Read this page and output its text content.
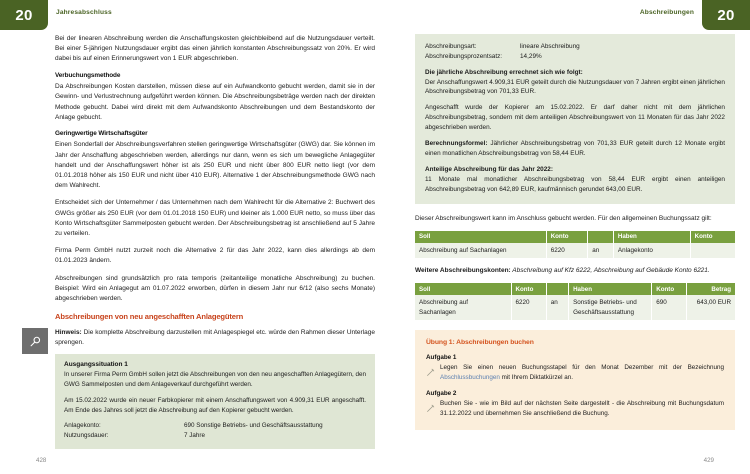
20	Jahresabschluss	20
Abschreibungen

Bei der linearen Abschreibung werden die Anschaffungskosten gleichbleibend auf die Nutzungsdauer verteilt. Bei einer 5-jährigen Nutzungsdauer ergibt das einen jährlich konstanten Abschreibungssatz von 20%. Er wird dabei bis auf einen Erinnerungswert von 1 EUR abgeschrieben.

Verbuchungsmethode

Da Abschreibungen Kosten darstellen, müssen diese auf ein Aufwandkonto gebucht werden, damit sie in der Gewinn- und Verlustrechnung aufgeführt werden können. Die Abschreibungsbeträge werden nach der direkten Methode gebucht. Dabei wird direkt mit dem Aufwandskonto Abschreibungen und dem Bestandskonto der Anlage gebucht.

Geringwertige Wirtschaftsgüter

Einen Sonderfall der Abschreibungsverfahren stellen geringwertige Wirtschaftsgüter (GWG) dar. Sie können im Jahr der Anschaffung abgeschrieben werden, allerdings nur dann, wenn es sich um bewegliche Anlagegüter handelt und der Anschaffungswert höher ist als 250 EUR und nicht über 800 EUR netto liegt (vor dem 01.01.2018 höher als 150 EUR und nicht über 410 EUR). Alternative 1 der Abschreibungsmethode GWG nach dem Wahlrecht.

Entscheidet sich der Unternehmer / das Unternehmen nach dem Wahlrecht für die Alternative 2: Buchwert des GWGs größer als 250 EUR (vor dem 01.01.2018 150 EUR) und kleiner als 1.000 EUR netto, so muss über das Konto Wirtschaftsgüter Sammelposten gebucht werden. Der Abschreibungsbetrag ist anschließend auf 5 Jahre zu verteilen.

Firma Perm GmbH nutzt zurzeit noch die Alternative 2 für das Jahr 2022, kann dies allerdings ab dem 01.01.2023 ändern.

Abschreibungen sind grundsätzlich pro rata temporis (zeitanteilige monatliche Abschreibung) zu buchen. Beispiel: Wird ein Anlagegut am 01.07.2022 erworben, dürfen in diesem Jahr nur 6/12 (also sechs Monate) abgeschrieben werden.

Abschreibungen von neu angeschafften Anlagegütern

Hinweis: Die komplette Abschreibung darzustellen mit Anlagespiegel etc. würde den Rahmen dieser Unterlage sprengen.

Ausgangssituation 1

In unserer Firma Perm GmbH sollen jetzt die Abschreibungen von den neu angeschafften Anlagegütern, den GWG Sammelposten und dem Anlageverkauf durchgeführt werden.

Am 15.02.2022 wurde ein neuer Farbkopierer mit einem Anschaffungswert von 4.909,31 EUR angeschafft. Am Ende des Jahres soll jetzt die Abschreibung auf den Kopierer gebucht werden.

Anlagekonto:	690 Sonstige Betriebs- und Geschäftsausstattung
Nutzungsdauer:	7 Jahre
Abschreibungsart:	lineare Abschreibung
Abschreibungsprozentsatz:	14,29%

Die jährliche Abschreibung errechnet sich wie folgt:
Der Anschaffungswert 4.909,31 EUR geteilt durch die Nutzungsdauer von 7 Jahren ergibt einen jährlichen Abschreibungsbetrag von 701,33 EUR.

Angeschafft wurde der Kopierer am 15.02.2022. Er darf daher nicht mit dem jährlichen Abschreibungsbetrag, sondern mit dem anteiligen Abschreibungswert von 11 Monaten für das Jahr 2022 abgeschrieben werden.

Berechnungsformel: Jährlicher Abschreibungsbetrag von 701,33 EUR geteilt durch 12 Monate ergibt einen monatlichen Abschreibungsbetrag von 58,44 EUR.

Anteilige Abschreibung für das Jahr 2022:
11 Monate mal monatlicher Abschreibungsbetrag von 58,44 EUR ergibt einen anteiligen Abschreibungsbetrag von 642,89 EUR, kaufmännisch gerundet 643,00 EUR.

Dieser Abschreibungswert kann im Anschluss gebucht werden. Für den allgemeinen Buchungssatz gilt:

Soll	Konto		Haben	Konto
Abschreibung auf Sachanlagen	6220	an	Anlagekonto	

Weitere Abschreibungskonten: Abschreibung auf Kfz 6222, Abschreibung auf Gebäude Konto 6221.

Soll	Konto		Haben	Konto	Betrag
Abschreibung auf Sachanlagen	6220	an	Sonstige Betriebs- und Geschäftsausstattung	690	643,00 EUR
Übung 1: Abschreibungen buchen
Aufgabe 1

Legen Sie einen neuen Buchungsstapel für den Monat Dezember mit der Bezeichnung Abschlussbuchungen mit Ihrem Diktatkürzel an.

Aufgabe 2

Buchen Sie - wie im Bild auf der nächsten Seite dargestellt - die Abschreibung mit Buchungsdatum 31.12.2022 und übernehmen Sie anschließend die Buchung.

428	429
